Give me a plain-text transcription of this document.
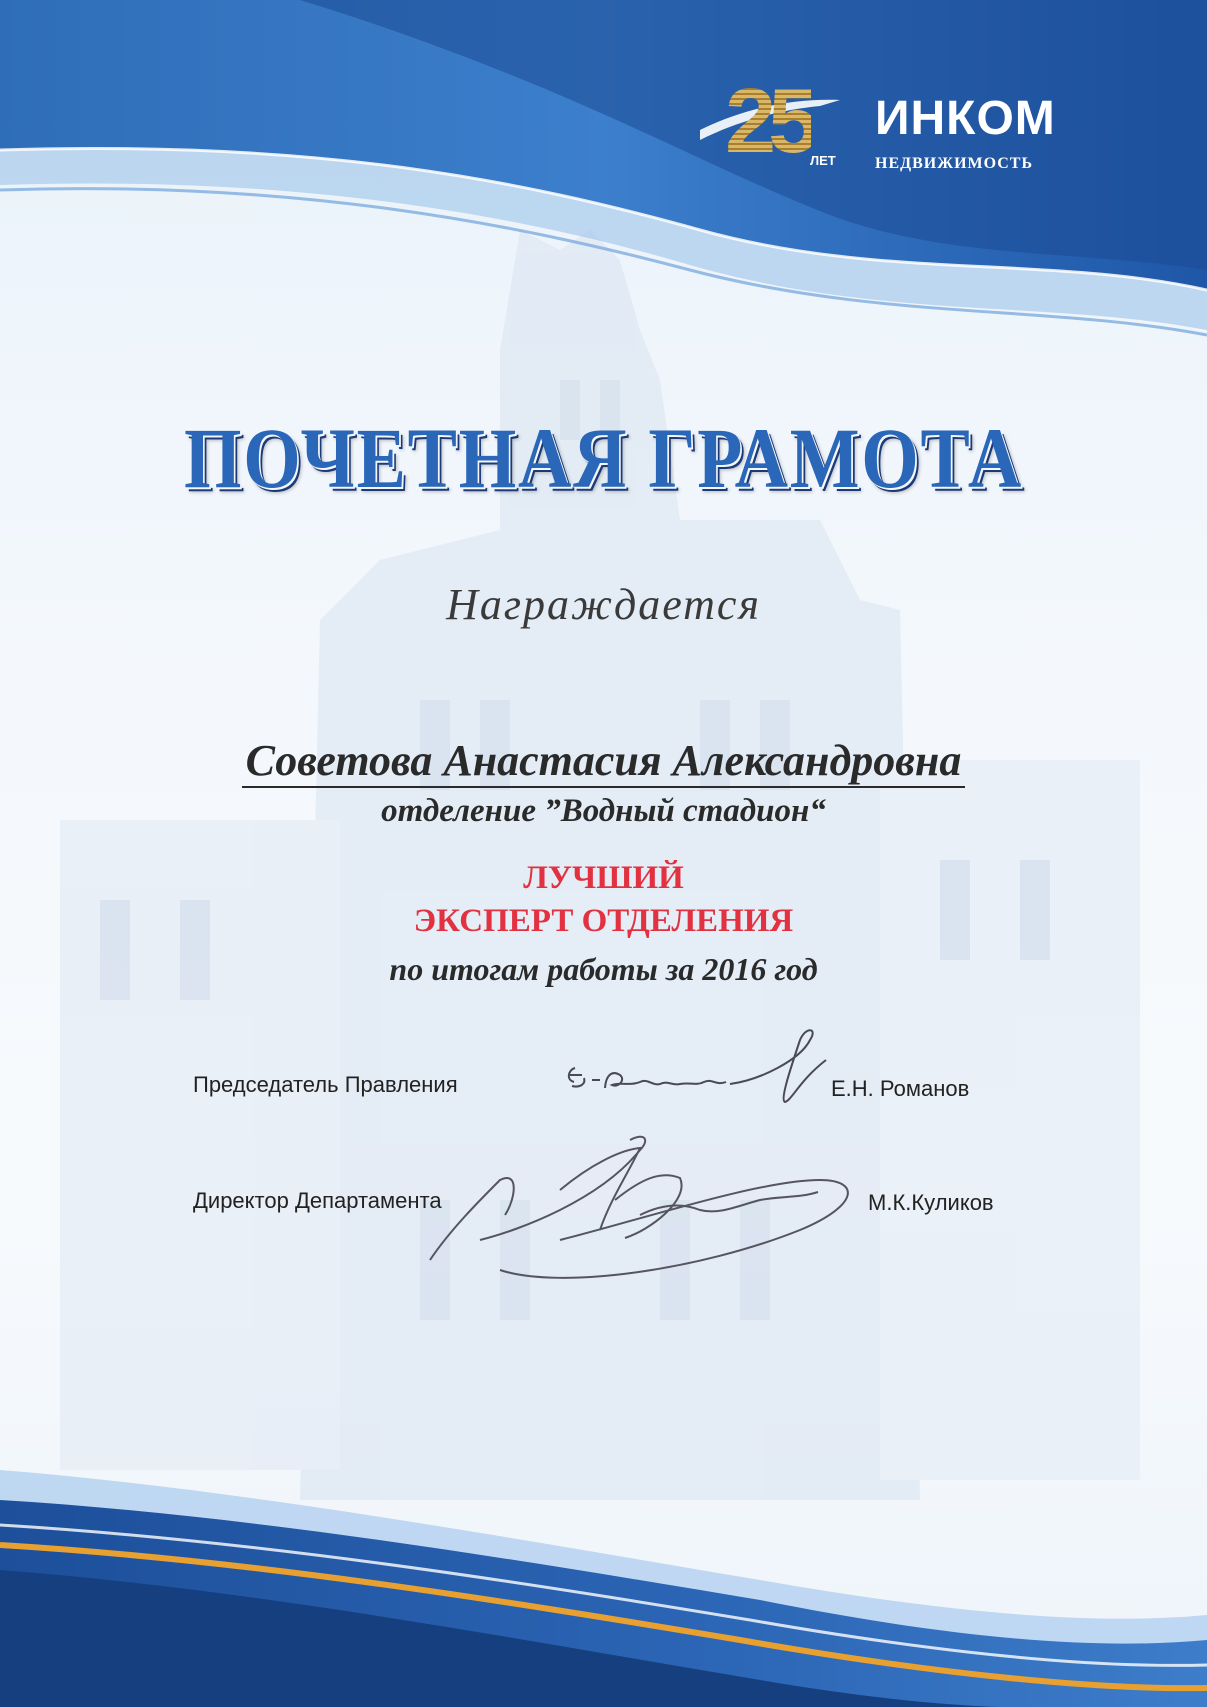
25
ЛЕТ
ИНКОМ
НЕДВИЖИМОСТЬ
ПОЧЕТНАЯ ГРАМОТА
Награждается
Советова Анастасия Александровна
отделение ”Водный стадион“
ЛУЧШИЙ
ЭКСПЕРТ ОТДЕЛЕНИЯ
по итогам работы за 2016 год
Председатель Правления	Е.Н. Романов
Директор Департамента	М.К.Куликов
